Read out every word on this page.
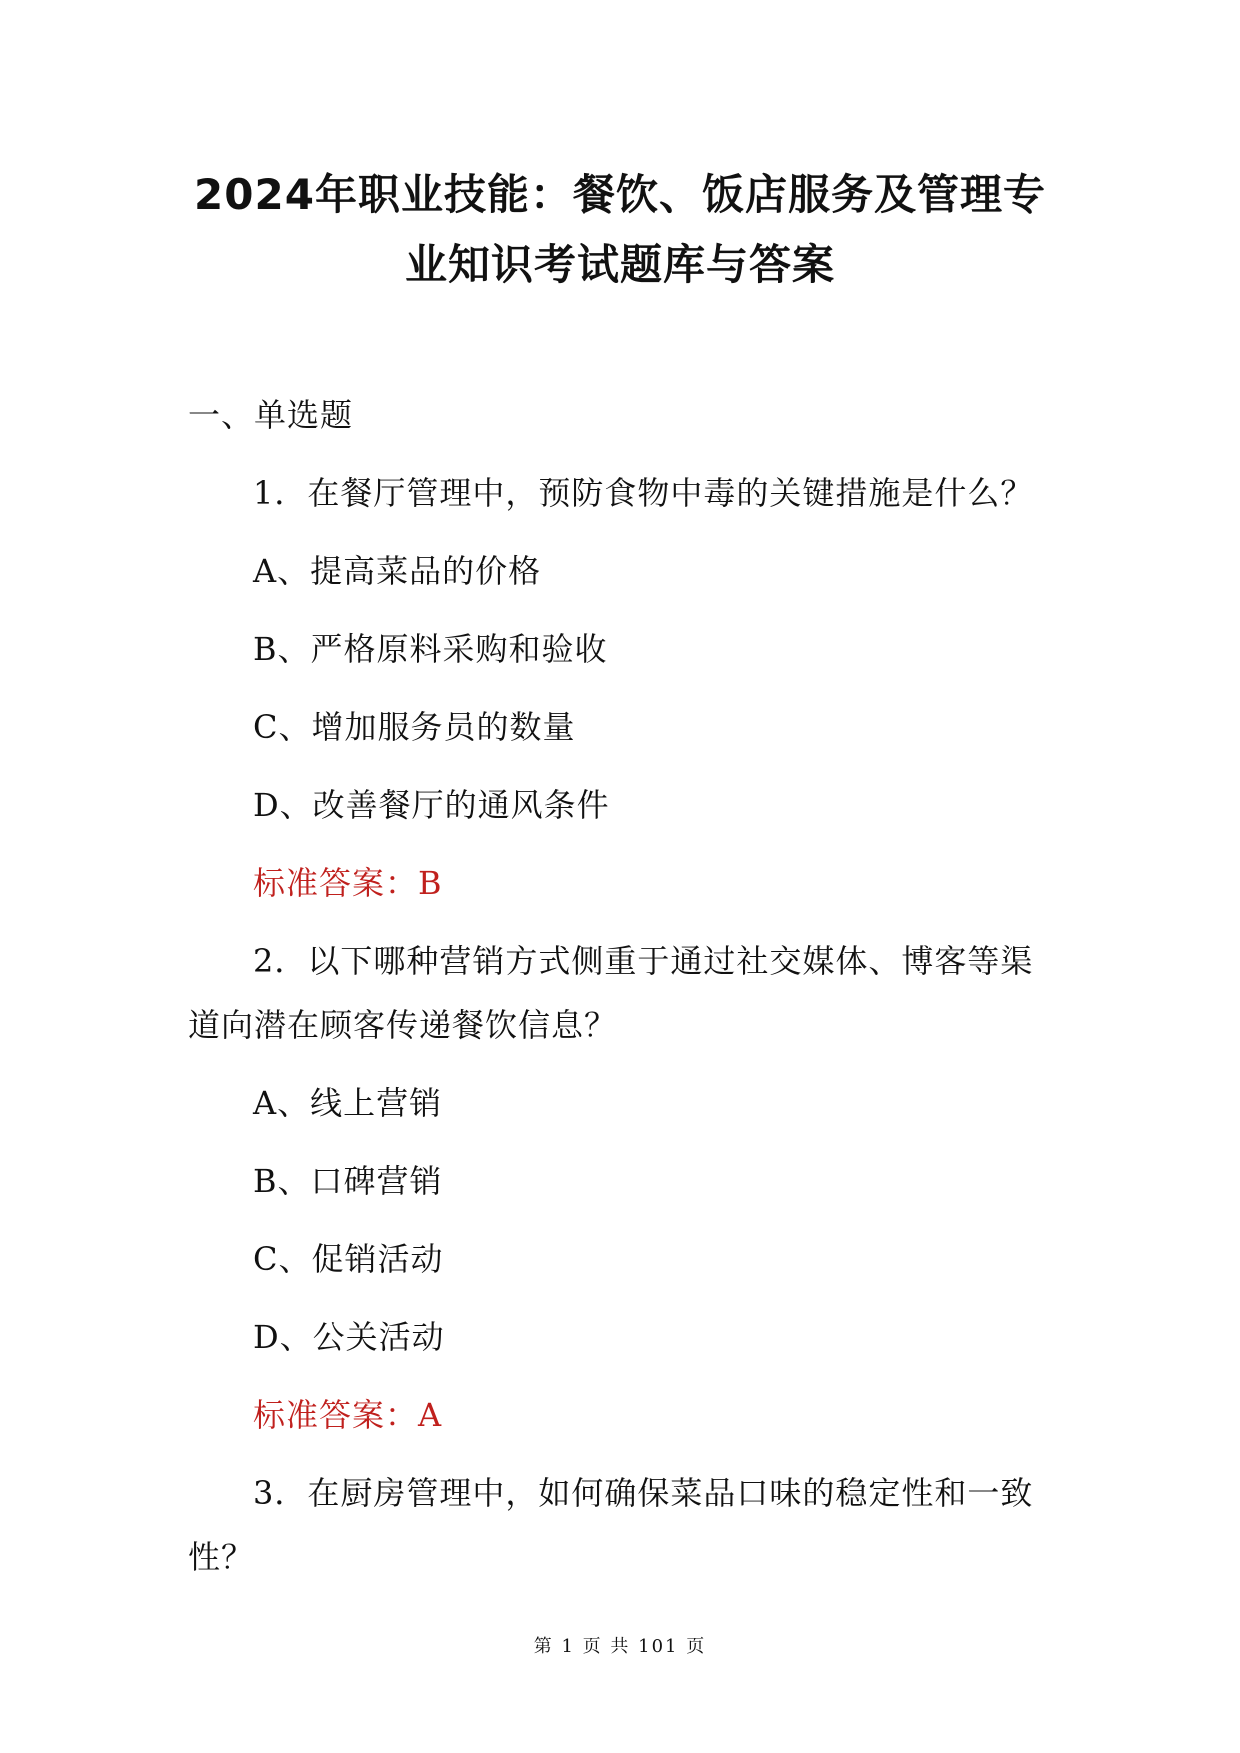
2024年职业技能：餐饮、饭店服务及管理专
业知识考试题库与答案
一、单选题
1．在餐厅管理中，预防食物中毒的关键措施是什么？
A、提高菜品的价格
B、严格原料采购和验收
C、增加服务员的数量
D、改善餐厅的通风条件
标准答案：B
2．以下哪种营销方式侧重于通过社交媒体、博客等渠
道向潜在顾客传递餐饮信息？
A、线上营销
B、口碑营销
C、促销活动
D、公关活动
标准答案：A
3．在厨房管理中，如何确保菜品口味的稳定性和一致
性？
第 1 页 共 101 页
